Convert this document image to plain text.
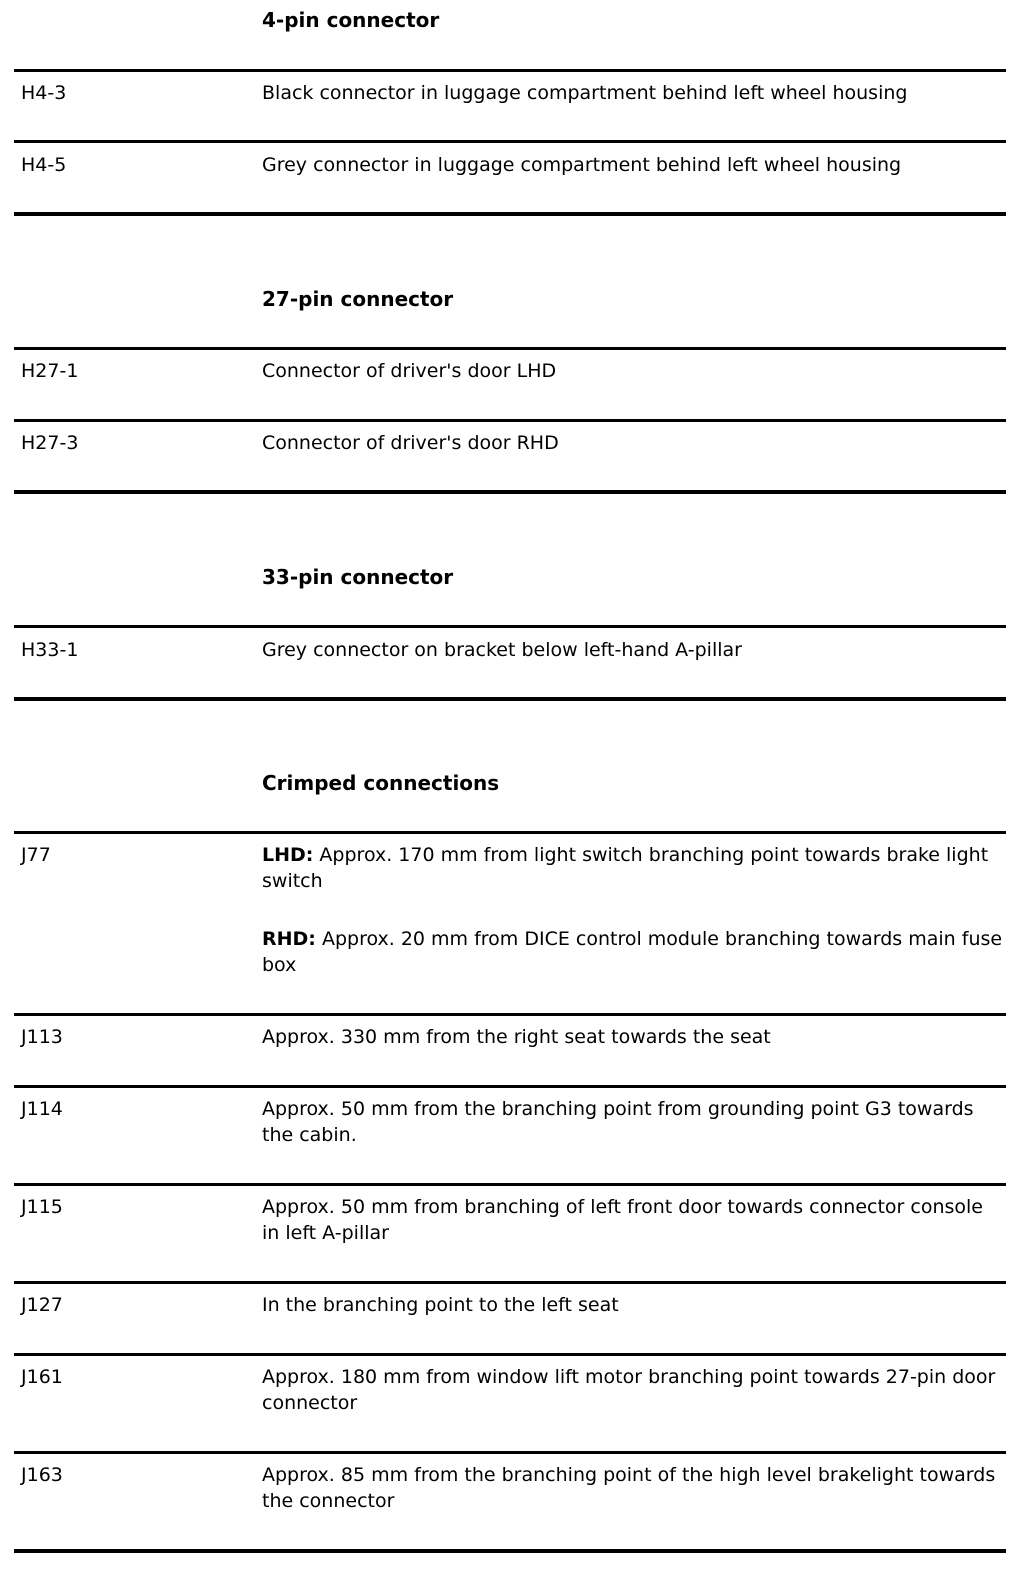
4-pin connector
H4-3	Black connector in luggage compartment behind left wheel housing
H4-5	Grey connector in luggage compartment behind left wheel housing
27-pin connector
H27-1	Connector of driver's door LHD
H27-3	Connector of driver's door RHD
33-pin connector
H33-1	Grey connector on bracket below left-hand A-pillar
Crimped connections
J77	LHD: Approx. 170 mm from light switch branching point towards brake light switch

RHD: Approx. 20 mm from DICE control module branching towards main fuse box

J113	Approx. 330 mm from the right seat towards the seat
J114	Approx. 50 mm from the branching point from grounding point G3 towards the cabin.
J115	Approx. 50 mm from branching of left front door towards connector console in left A-pillar
J127	In the branching point to the left seat
J161	Approx. 180 mm from window lift motor branching point towards 27-pin door connector
J163	Approx. 85 mm from the branching point of the high level brakelight towards the connector
